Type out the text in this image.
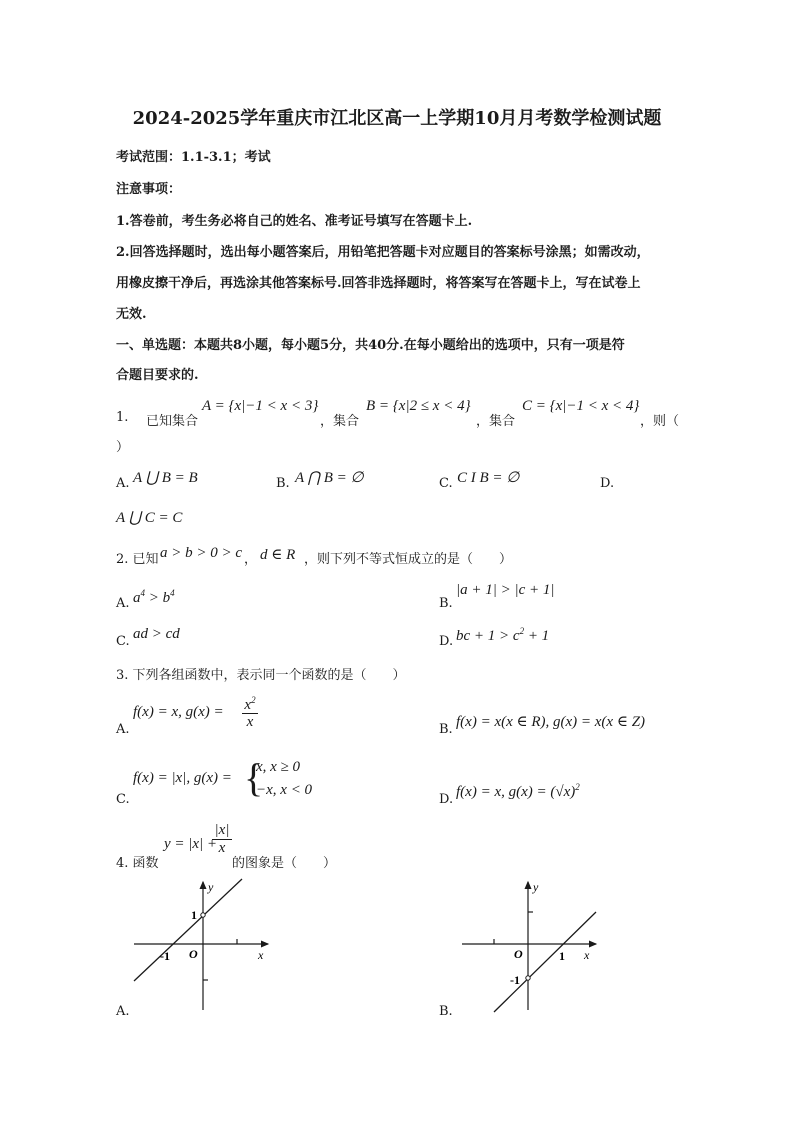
2024-2025学年重庆市江北区高一上学期10月月考数学检测试题
考试范围：1.1-3.1；考试
注意事项：
1.答卷前，考生务必将自己的姓名、准考证号填写在答题卡上.
2.回答选择题时，选出每小题答案后，用铅笔把答题卡对应题目的答案标号涂黑；如需改动，
用橡皮擦干净后，再选涂其他答案标号.回答非选择题时，将答案写在答题卡上，写在试卷上
无效.
一、单选题：本题共8小题，每小题5分，共40分.在每小题给出的选项中，只有一项是符
合题目要求的.
1. 已知集合
A = {x|−1 < x < 3}
，集合
B = {x|2 ≤ x < 4}
，集合
C = {x|−1 < x < 4}
，则（
）
A. A ⋃ B = B	B. A ⋂ B = ∅	C. C I B = ∅	D.
A ⋃ C = C
2. 已知 a > b > 0 > c ， d ∈ R ，则下列不等式恒成立的是（　　）
A. $a^4 > b^4$
B.
|a + 1| > |c + 1|
C. ad > cd	D. bc + $1 > c^2 + 1$
3. 下列各组函数中，表示同一个函数的是（　　）
A.
f(x) = x, $g(x) = x^2$
x	B. f(x) = x(x ∈ R), g(x) = x(x ∈ Z)
C.
f(x) = |x|, g(x) = {
x, x ≥ 0
−x, x < 0
D. f(x) = x, $g(x) = (√x)^2$
4. 函数
y = |x| +
|x|
x
的图象是（　　）
y
x
O
1
-1
A.
y
x
O	1
-1
B.
